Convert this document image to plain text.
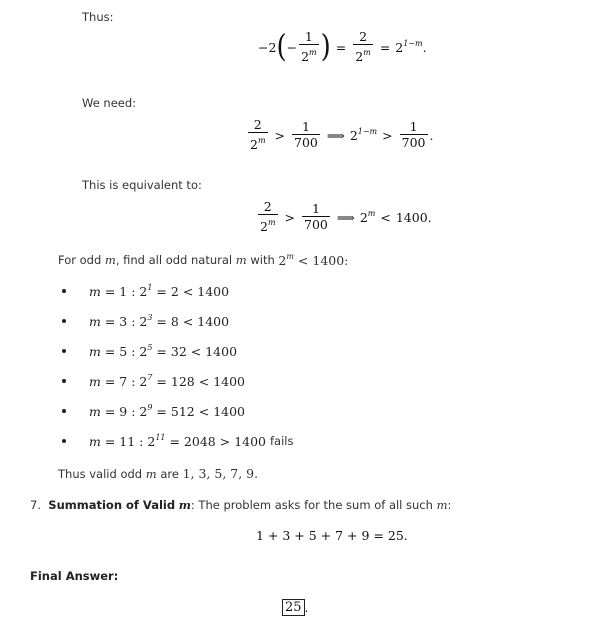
Thus:
−2 ( − $\frac{1}{2^m}$ ) = $\frac{2}{2^m} = 2^{1-m}$.
We need:
$\frac{2}{2^m} > \frac{1}{700}$ ⟹ $2^{1-m} > \frac{1}{700}$ .
This is equivalent to:
$\frac{2}{2^m} > \frac{1}{700}$ ⟹ $2^m < 1400$.
For odd
m , find all odd natural
m
with
$2^m < 1400$:
m = 1 : $2^1 = 2 < 1400$

m = 3 : $2^3 = 8 < 1400$

m = 5 : $2^5 = 32 < 1400$

m = 7 : $2^7 = 128 < 1400$

m = 9 : $2^9 = 512 < 1400$

m = 11 : $2^{11} = 2048 > 1400$
fails
Thus valid odd
m
are
1, 3, 5, 7, 9.
7.
Summation of Valid
m : The problem asks for the sum of all such
m :
1 + 3 + 5 + 7 + 9 = 25.
Final Answer:
25 .
